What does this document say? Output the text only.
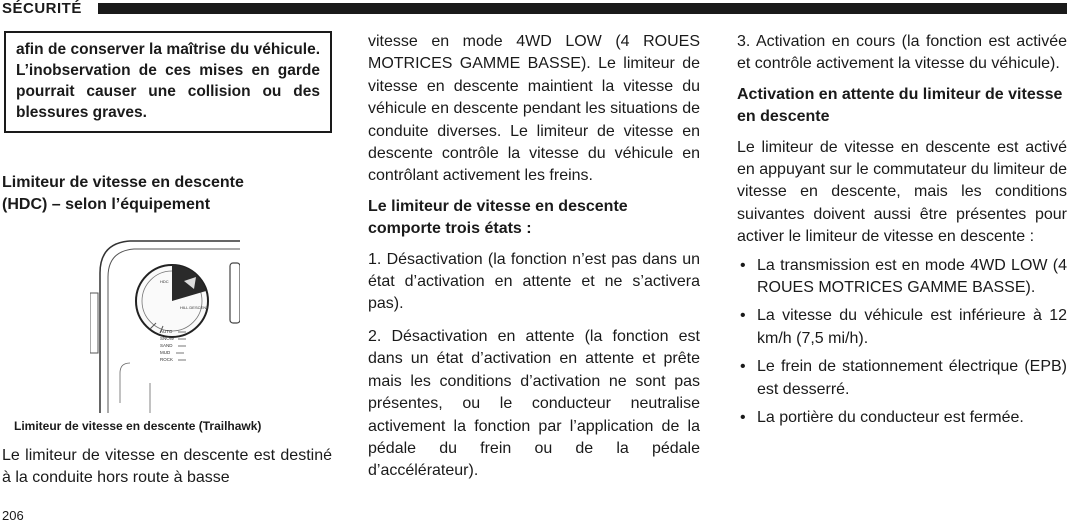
SÉCURITÉ
afin de conserver la maîtrise du véhicule. L’inobservation de ces mises en garde pourrait causer une collision ou des blessures graves.
Limiteur de vitesse en descente
(HDC) – selon l’équipement
HDC
HILL DESCENT
AUTO
SNOW
SAND
MUD
ROCK
Limiteur de vitesse en descente (Trailhawk)

Le limiteur de vitesse en descente est destiné à la conduite hors route à basse

vitesse en mode 4WD LOW (4 ROUES MOTRICES GAMME BASSE). Le limiteur de vitesse en descente maintient la vitesse du véhicule en descente pendant les situations de conduite diverses. Le limiteur de vitesse en descente contrôle la vitesse du véhicule en contrôlant activement les freins.

Le limiteur de vitesse en descente comporte trois états :

1. Désactivation (la fonction n’est pas dans un état d’activation en attente et ne s’activera pas).

2. Désactivation en attente (la fonction est dans un état d’activation en attente et prête mais les conditions d’activation ne sont pas présentes, ou le conducteur neutralise activement la fonction par l’application de la pédale du frein ou de la pédale d’accélérateur).

3. Activation en cours (la fonction est activée et contrôle activement la vitesse du véhicule).

Activation en attente du limiteur de vitesse en descente

Le limiteur de vitesse en descente est activé en appuyant sur le commutateur du limiteur de vitesse en descente, mais les conditions suivantes doivent aussi être présentes pour activer le limiteur de vitesse en descente :

• La transmission est en mode 4WD LOW (4 ROUES MOTRICES GAMME BASSE).
• La vitesse du véhicule est inférieure à 12 km/h (7,5 mi/h).
• Le frein de stationnement électrique (EPB) est desserré.
• La portière du conducteur est fermée.
206
